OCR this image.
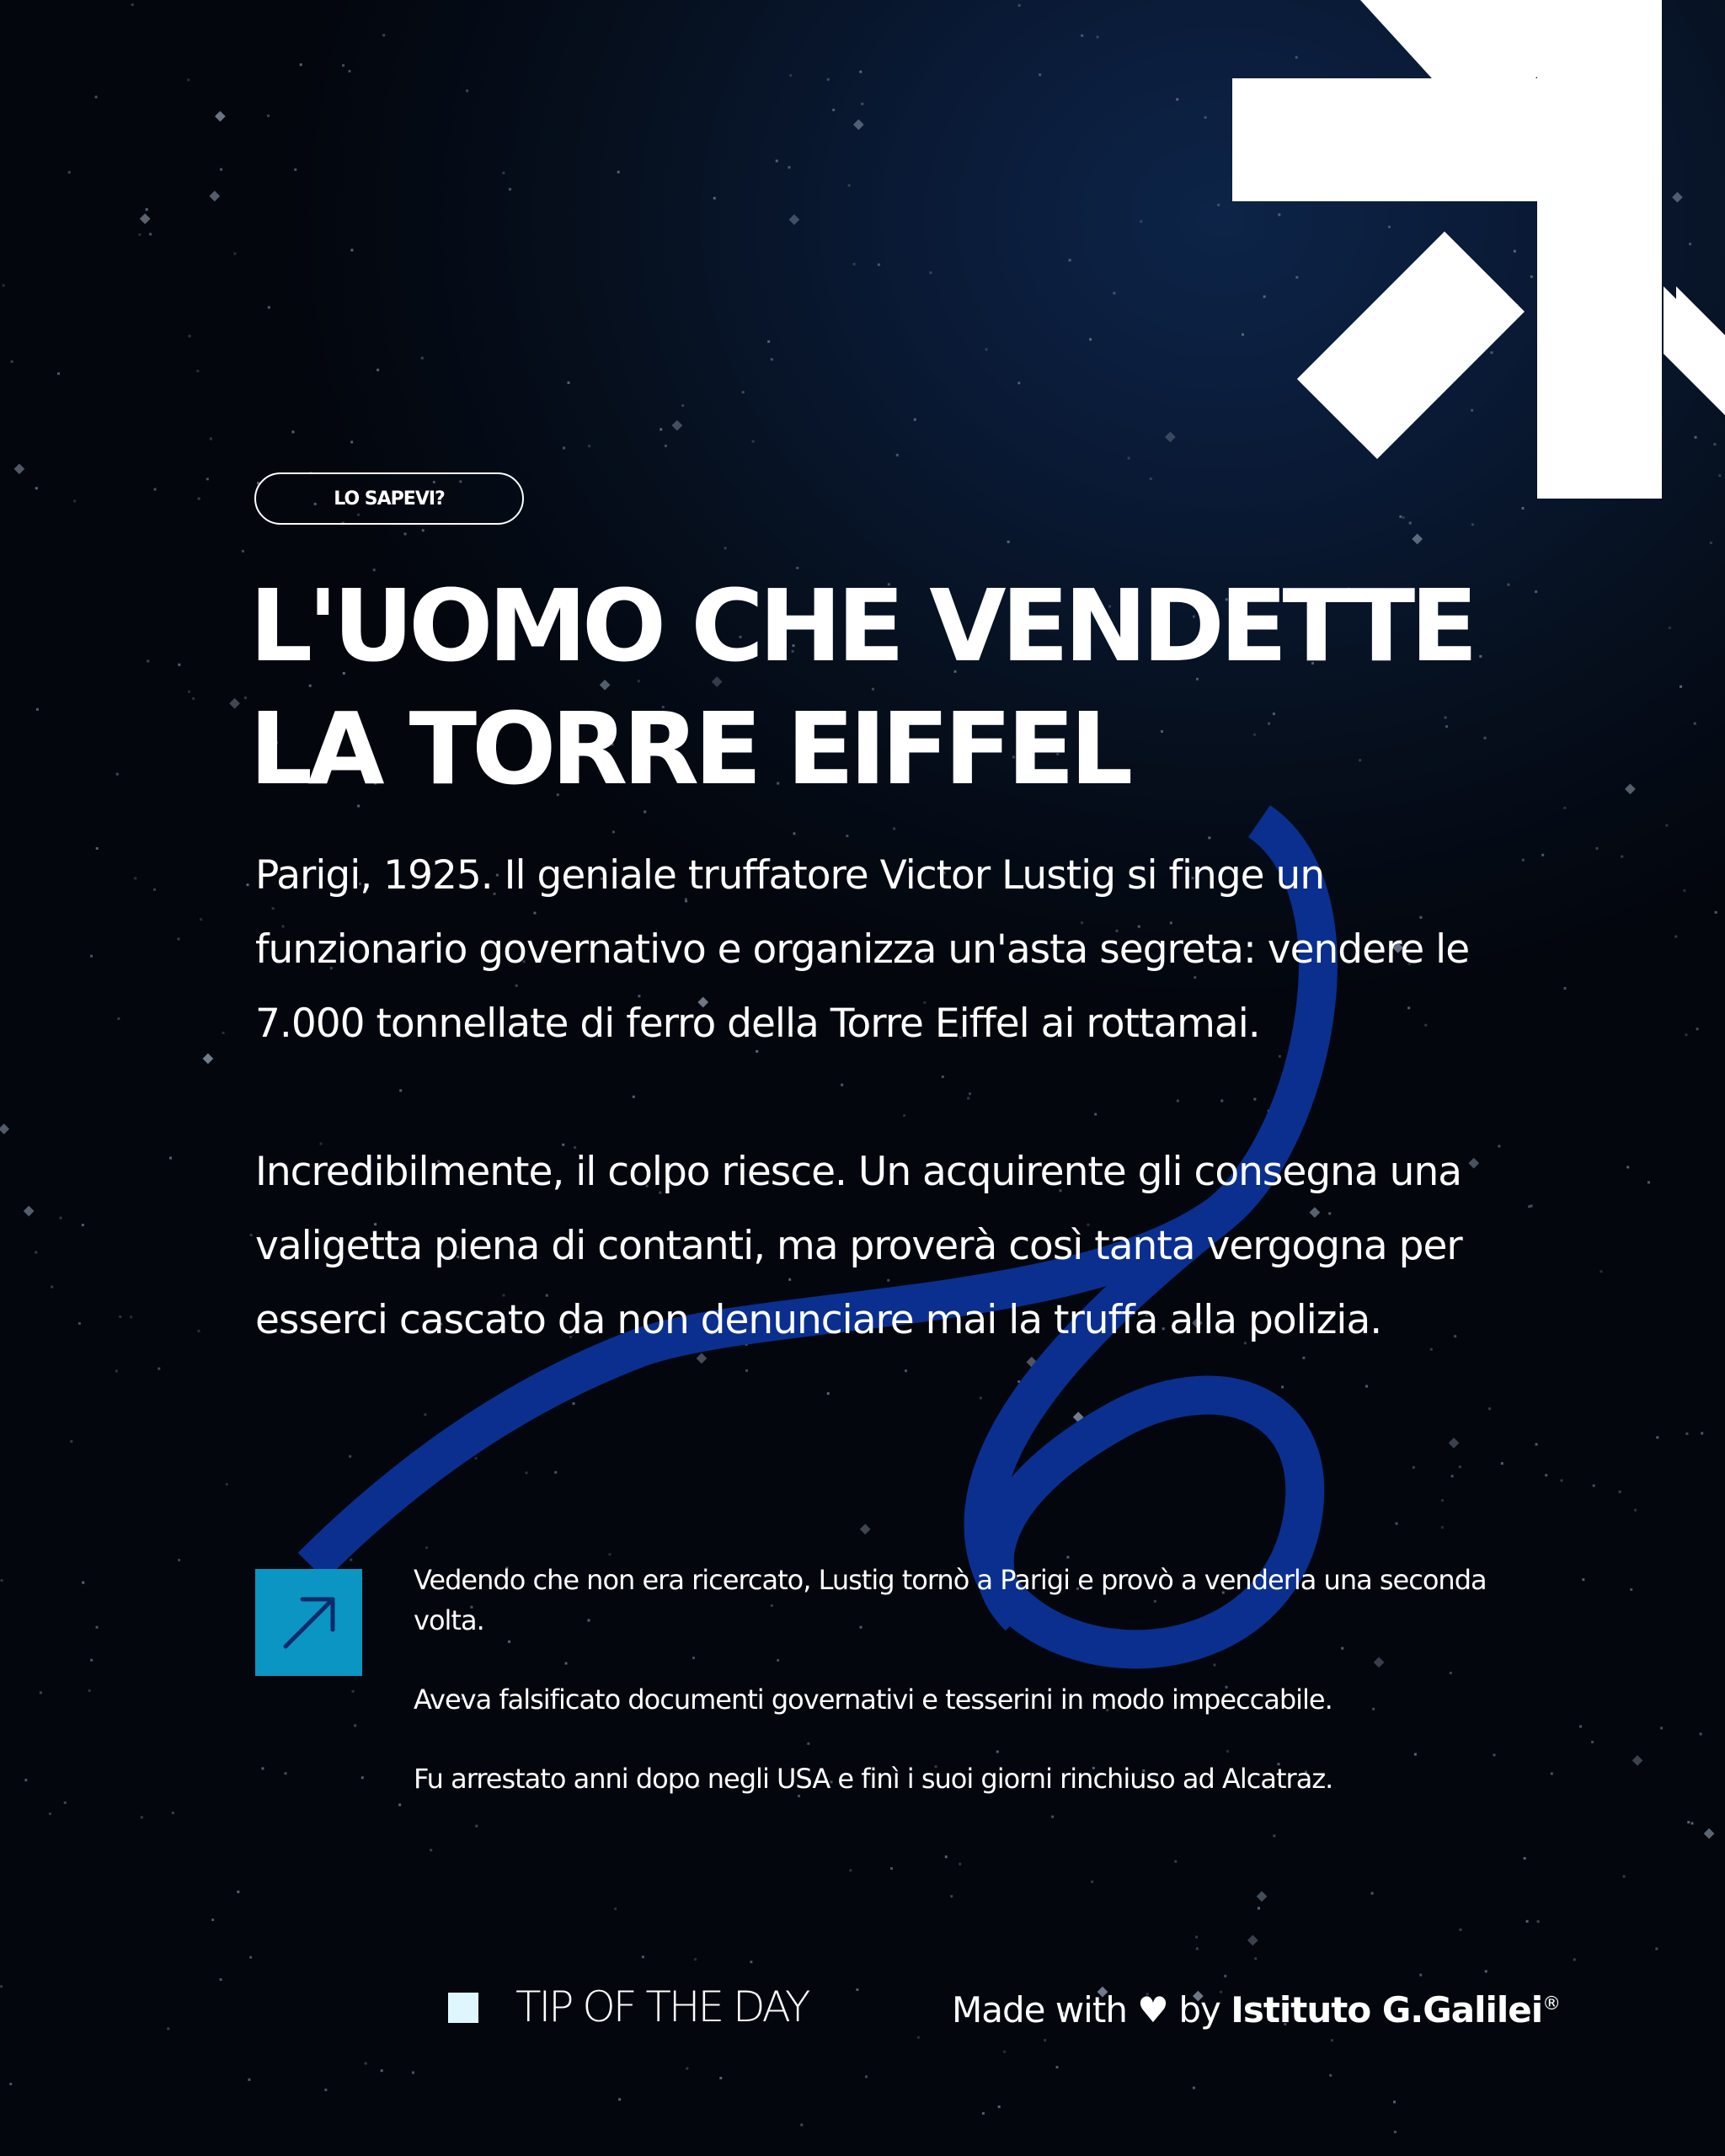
LO SAPEVI?
L'UOMO CHE VENDETTE
LA TORRE EIFFEL

Parigi, 1925. Il geniale truffatore Victor Lustig si finge un funzionario governativo e organizza un'asta segreta: vendere le 7.000 tonnellate di ferro della Torre Eiffel ai rottamai.

Incredibilmente, il colpo riesce. Un acquirente gli consegna una valigetta piena di contanti, ma proverà così tanta vergogna per esserci cascato da non denunciare mai la truffa alla polizia.

Vedendo che non era ricercato, Lustig tornò a Parigi e provò a venderla una seconda volta.

Aveva falsificato documenti governativi e tesserini in modo impeccabile.

Fu arrestato anni dopo negli USA e finì i suoi giorni rinchiuso ad Alcatraz.

TIP OF THE DAY	Made with ♥ by Istituto G.Galilei®
